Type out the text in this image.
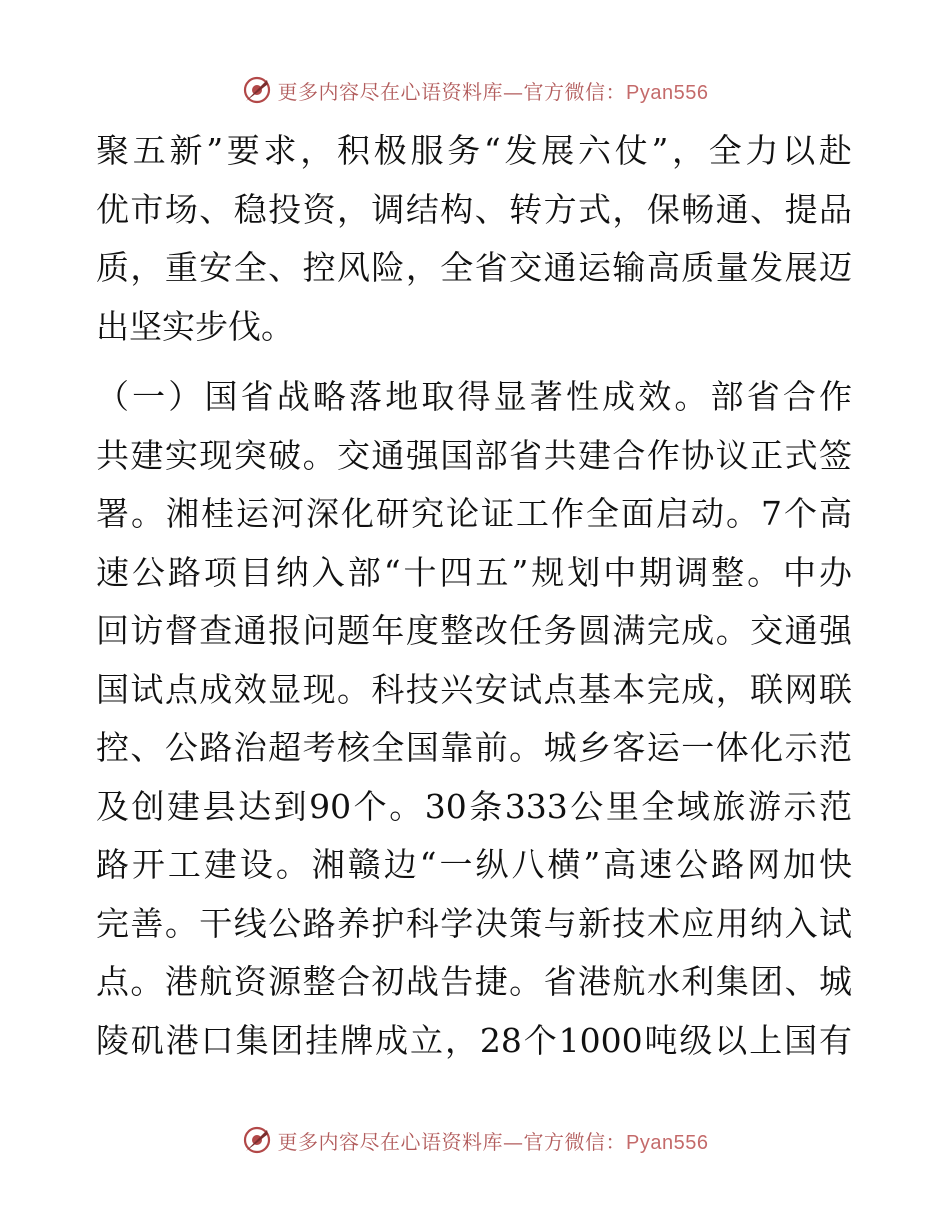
更多内容尽在心语资料库—官方微信：Pyan556
聚五新”要求，积极服务“发展六仗”，全力以赴
优市场、稳投资，调结构、转方式，保畅通、提品
质，重安全、控风险，全省交通运输高质量发展迈
出坚实步伐。
（一）国省战略落地取得显著性成效。部省合作
共建实现突破。交通强国部省共建合作协议正式签
署。湘桂运河深化研究论证工作全面启动。7个高
速公路项目纳入部“十四五”规划中期调整。中办
回访督查通报问题年度整改任务圆满完成。交通强
国试点成效显现。科技兴安试点基本完成，联网联
控、公路治超考核全国靠前。城乡客运一体化示范
及创建县达到90个。30条333公里全域旅游示范
路开工建设。湘赣边“一纵八横”高速公路网加快
完善。干线公路养护科学决策与新技术应用纳入试
点。港航资源整合初战告捷。省港航水利集团、城
陵矶港口集团挂牌成立，28个1000吨级以上国有
更多内容尽在心语资料库—官方微信：Pyan556
